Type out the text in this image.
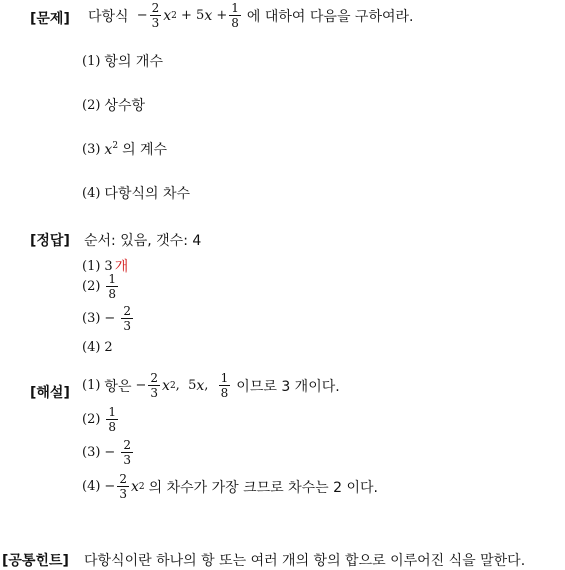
[문제] 다항식 − $\frac{2}{3}$ x 2 + 5 $x + \frac{1}{8}$ 에 대하여 다음을 구하여라.
(1) 항의 개수
(2) 상수항
(3) $x^2$ 의 계수
(4) 다항식의 차수
[정답] 순서: 있음, 갯수: 4
(1) 3 개
$(2) \frac{1}{8}$
$(3) - \frac{2}{3}$
(4) 2
[해설] (1) 항은 − $\frac{2}{3}$ x 2 ,  5 x , $\frac{1}{8}$ 이므로 3 개이다.
$(2) \frac{1}{8}$
$(3) - \frac{2}{3}$
$(4) - \frac{2}{3}$ x 2 의 차수가 가장 크므로 차수는 2 이다.
[공통힌트] 다항식이란 하나의 항 또는 여러 개의 항의 합으로 이루어진 식을 말한다.
